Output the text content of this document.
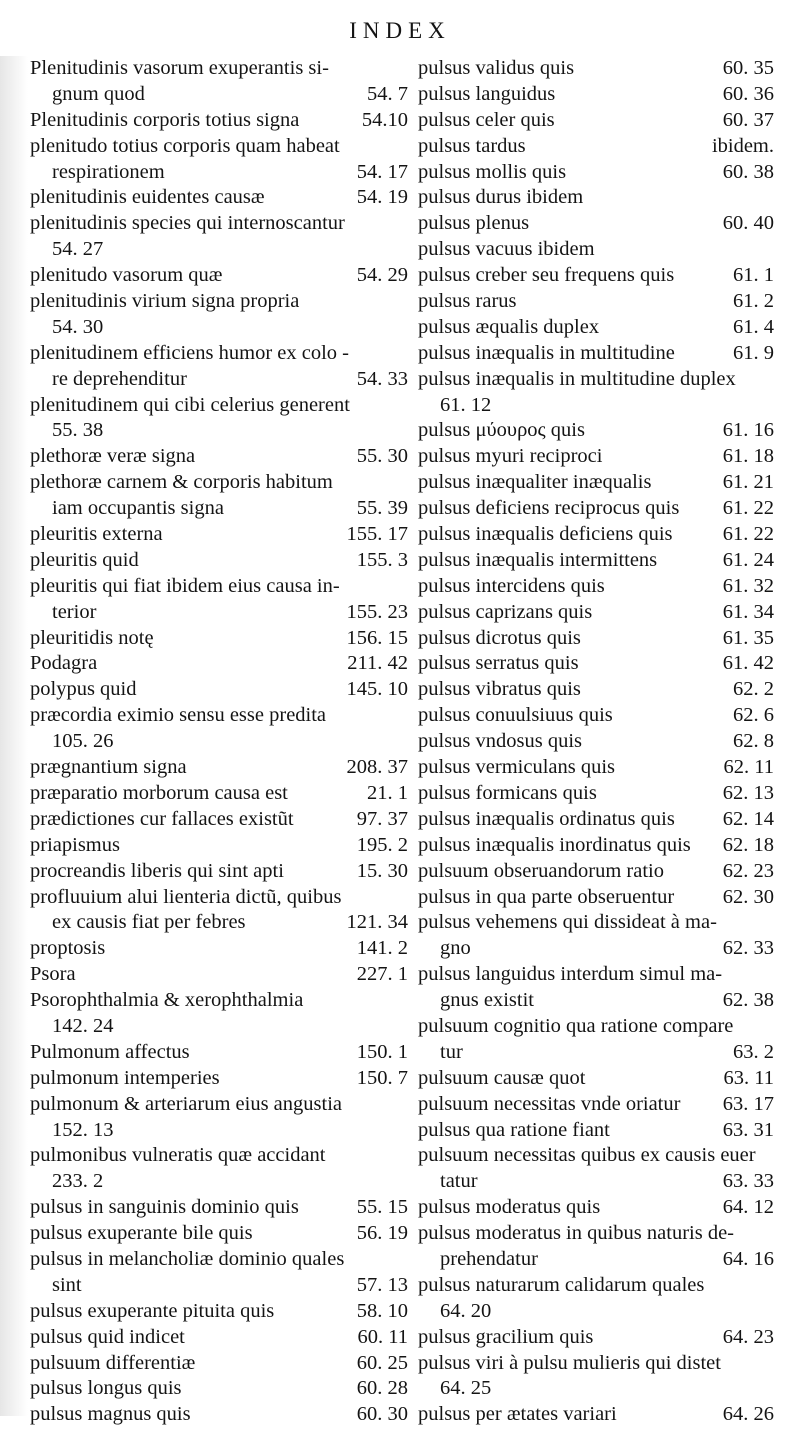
INDEX
Plenitudinis vasorum exuperantis si-
gnum quod	54. 7
Plenitudinis corporis totius signa	54.10
plenitudo totius corporis quam habeat
respirationem	54. 17
plenitudinis euidentes causæ	54. 19
plenitudinis species qui internoscantur
54. 27
plenitudo vasorum quæ	54. 29
plenitudinis virium signa propria
54. 30
plenitudinem efficiens humor ex colo -
re deprehenditur	54. 33
plenitudinem qui cibi celerius generent
55. 38
plethoræ veræ signa	55. 30
plethoræ carnem & corporis habitum
iam occupantis signa	55. 39
pleuritis externa	155. 17
pleuritis quid	155. 3
pleuritis qui fiat ibidem eius causa in-
terior	155. 23
pleuritidis notę	156. 15
Podagra	211. 42
polypus quid	145. 10
præcordia eximio sensu esse predita
105. 26
prægnantium signa	208. 37
præparatio morborum causa est	21. 1
prædictiones cur fallaces existũt	97. 37
priapismus	195. 2
procreandis liberis qui sint apti	15. 30
profluuium alui lienteria dictũ, quibus
ex causis fiat per febres	121. 34
proptosis	141. 2
Psora	227. 1
Psorophthalmia & xerophthalmia
142. 24
Pulmonum affectus	150. 1
pulmonum intemperies	150. 7
pulmonum & arteriarum eius angustia
152. 13
pulmonibus vulneratis quæ accidant
233. 2
pulsus in sanguinis dominio quis	55. 15
pulsus exuperante bile quis	56. 19
pulsus in melancholiæ dominio quales
sint	57. 13
pulsus exuperante pituita quis	58. 10
pulsus quid indicet	60. 11
pulsuum differentiæ	60. 25
pulsus longus quis	60. 28
pulsus magnus quis	60. 30
pulsus validus quis	60. 35
pulsus languidus	60. 36
pulsus celer quis	60. 37
pulsus tardus	ibidem.
pulsus mollis quis	60. 38
pulsus durus ibidem
pulsus plenus	60. 40
pulsus vacuus ibidem
pulsus creber seu frequens quis	61. 1
pulsus rarus	61. 2
pulsus æqualis duplex	61. 4
pulsus inæqualis in multitudine	61. 9
pulsus inæqualis in multitudine duplex
61. 12
pulsus μύουρος quis	61. 16
pulsus myuri reciproci	61. 18
pulsus inæqualiter inæqualis	61. 21
pulsus deficiens reciprocus quis 61. 22
pulsus inæqualis deficiens quis 61. 22
pulsus inæqualis intermittens	61. 24
pulsus intercidens quis	61. 32
pulsus caprizans quis	61. 34
pulsus dicrotus quis	61. 35
pulsus serratus quis	61. 42
pulsus vibratus quis	62. 2
pulsus conuulsiuus quis	62. 6
pulsus vndosus quis	62. 8
pulsus vermiculans quis	62. 11
pulsus formicans quis	62. 13
pulsus inæqualis ordinatus quis 62. 14
pulsus inæqualis inordinatus quis 62. 18
pulsuum obseruandorum ratio	62. 23
pulsus in qua parte obseruentur 62. 30
pulsus vehemens qui dissideat à ma-
gno	62. 33
pulsus languidus interdum simul ma-
gnus existit	62. 38
pulsuum cognitio qua ratione compare
tur	63. 2
pulsuum causæ quot	63. 11
pulsuum necessitas vnde oriatur 63. 17
pulsus qua ratione fiant	63. 31
pulsuum necessitas quibus ex causis euer
tatur	63. 33
pulsus moderatus quis	64. 12
pulsus moderatus in quibus naturis de-
prehendatur	64. 16
pulsus naturarum calidarum quales
64. 20
pulsus gracilium quis	64. 23
pulsus viri à pulsu mulieris qui distet
64. 25
pulsus per ætates variari	64. 26
